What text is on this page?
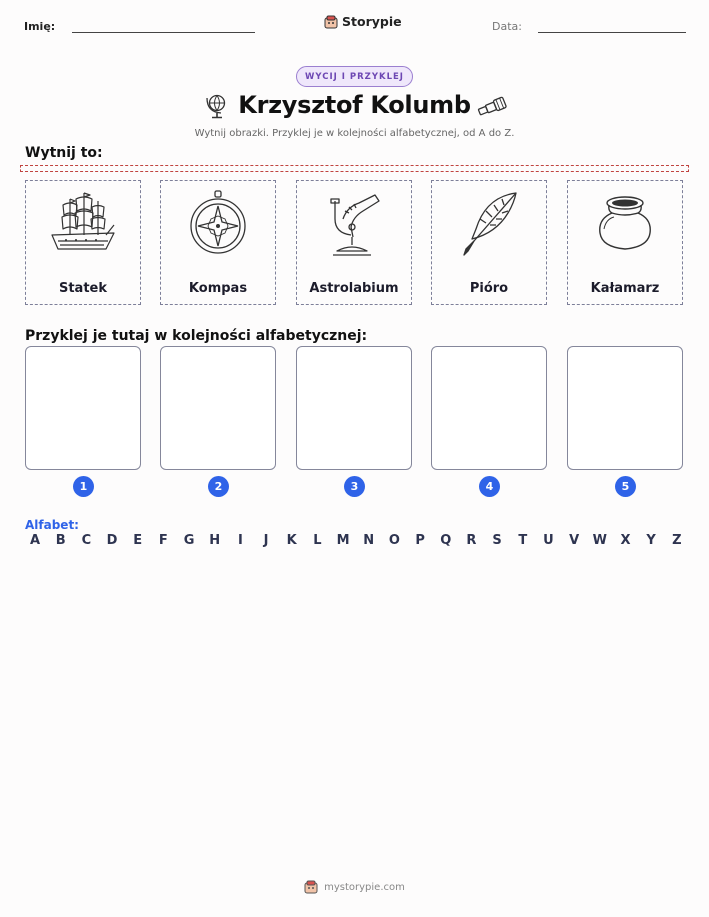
Imię:	Storypie	Data:
WYCIJ I PRZYKLEJ
Krzysztof Kolumb
Wytnij obrazki. Przyklej je w kolejności alfabetycznej, od A do Z.
Wytnij to:
Statek	Kompas	Astrolabium	Pióro	Kałamarz
Przyklej je tutaj w kolejności alfabetycznej:
1	2	3	4	5
Alfabet:
A B C D E F G H	I	J	K L M N O P Q R S T U V W X Y Z
mystorypie.com
